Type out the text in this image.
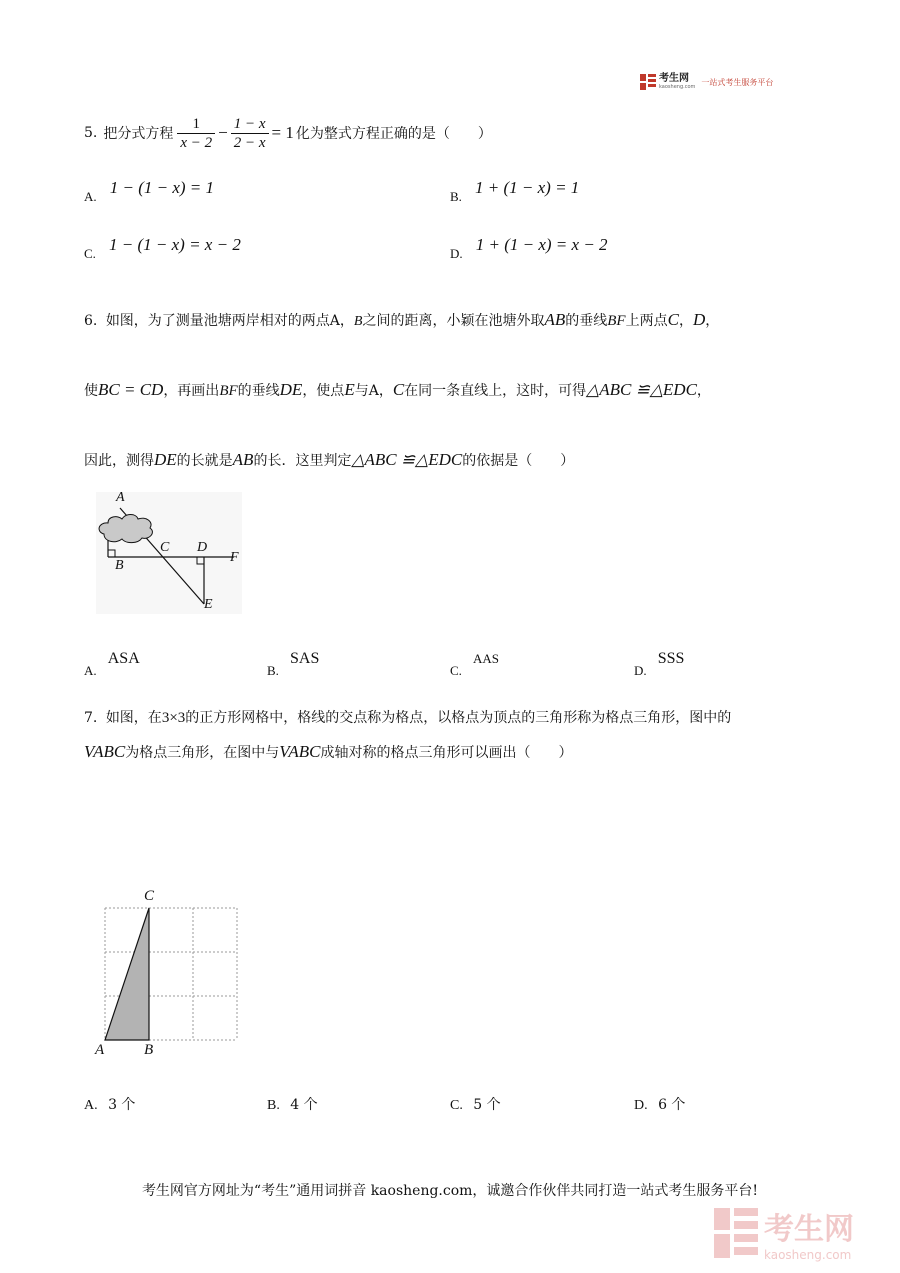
考生网
kaosheng.com
一站式考生服务平台
5. 把分式方程 $\frac{1}{x - 2} - \frac{1 - x}{2 - x} = 1$ 化为整式方程正确的是（　　）
A. 1 − (1 − x) = 1	B. 1 + (1 − x) = 1
C. 1 − (1 − x) = x − 2	D. 1 + (1 − x) = x − 2
6. 如图，为了测量池塘两岸相对的两点A，B之间的距离，小颖在池塘外取AB的垂线BF上两点C，D，
使BC = CD，再画出BF的垂线DE，使点E与A，C在同一条直线上，这时，可得△ABC ≌△EDC，
因此，测得DE的长就是AB的长．这里判定△ABC ≌△EDC的依据是（　　）
A
B
C D
F
E
$_{A.}$ ASA
$_{B.}$ SAS
$_{C.}$ AAS
$_{D.}$ SSS
7. 如图，在3×3的正方形网格中，格线的交点称为格点，以格点为顶点的三角形称为格点三角形，图中的
VABC为格点三角形，在图中与VABC成轴对称的格点三角形可以画出（　　）
C
A	B
A. 3 个	B. 4 个	C. 5 个	D. 6 个
考生网官方网址为“考生”通用词拼音 kaosheng.com，诚邀合作伙伴共同打造一站式考生服务平台!
考生网
kaosheng.com
